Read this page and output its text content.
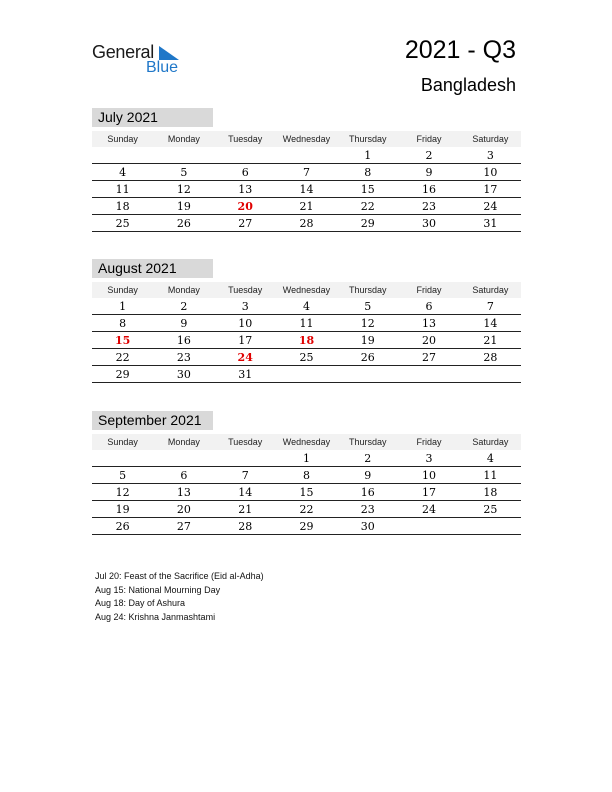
General
Blue
2021 - Q3
Bangladesh
July 2021
Sunday	Monday	Tuesday	Wednesday	Thursday	Friday	Saturday
				1	2	3
4	5	6	7	8	9	10
11	12	13	14	15	16	17
18	19	20	21	22	23	24
25	26	27	28	29	30	31
August 2021
Sunday	Monday	Tuesday	Wednesday	Thursday	Friday	Saturday
1	2	3	4	5	6	7
8	9	10	11	12	13	14
15	16	17	18	19	20	21
22	23	24	25	26	27	28
29	30	31				
September 2021
Sunday	Monday	Tuesday	Wednesday	Thursday	Friday	Saturday
			1	2	3	4
5	6	7	8	9	10	11
12	13	14	15	16	17	18
19	20	21	22	23	24	25
26	27	28	29	30		
Jul 20: Feast of the Sacrifice (Eid al-Adha)
Aug 15: National Mourning Day
Aug 18: Day of Ashura
Aug 24: Krishna Janmashtami
